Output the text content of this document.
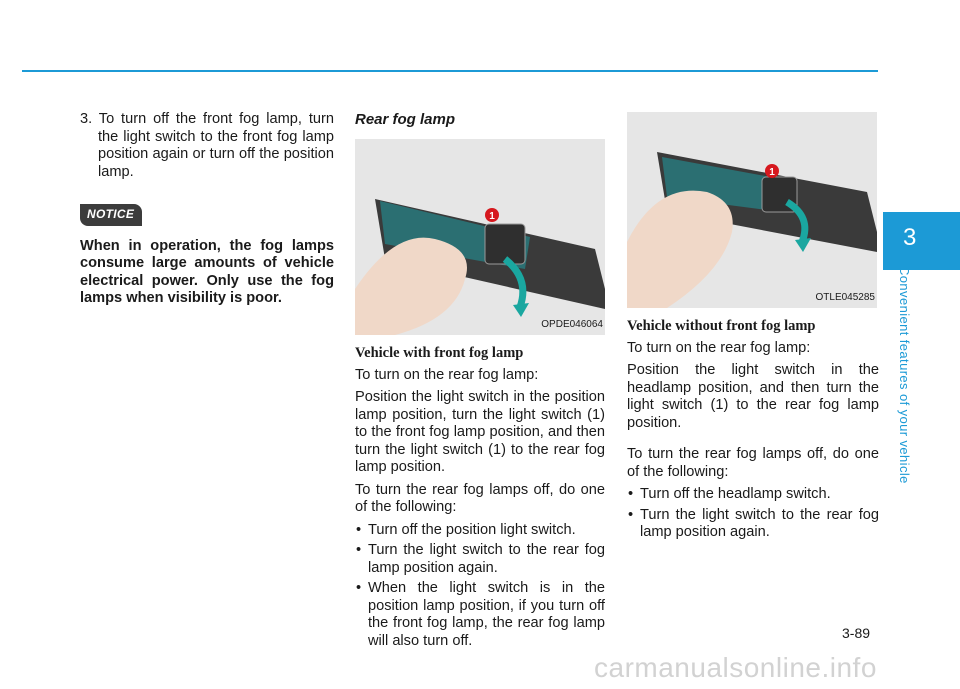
3. To turn off the front fog lamp, turn the light switch to the front fog lamp position again or turn off the position lamp.

NOTICE

When in operation, the fog lamps consume large amounts of vehicle electrical power. Only use the fog lamps when visibility is poor.

Rear fog lamp

1
OPDE046064

Vehicle with front fog lamp

To turn on the rear fog lamp:

Position the light switch in the position lamp position, turn the light switch (1) to the front fog lamp position, and then turn the light switch (1) to the rear fog lamp position.

To turn the rear fog lamps off, do one of the following:

• Turn off the position light switch.
• Turn the light switch to the rear fog lamp position again.
• When the light switch is in the position lamp position, if you turn off the front fog lamp, the rear fog lamp will also turn off.
1
OTLE045285

Vehicle without front fog lamp

To turn on the rear fog lamp:

Position the light switch in the headlamp position, and then turn the light switch (1) to the rear fog lamp position.

To turn the rear fog lamps off, do one of the following:

• Turn off the headlamp switch.
• Turn the light switch to the rear fog lamp position again.
3
Convenient features of your vehicle
3-89
carmanualsonline.info
